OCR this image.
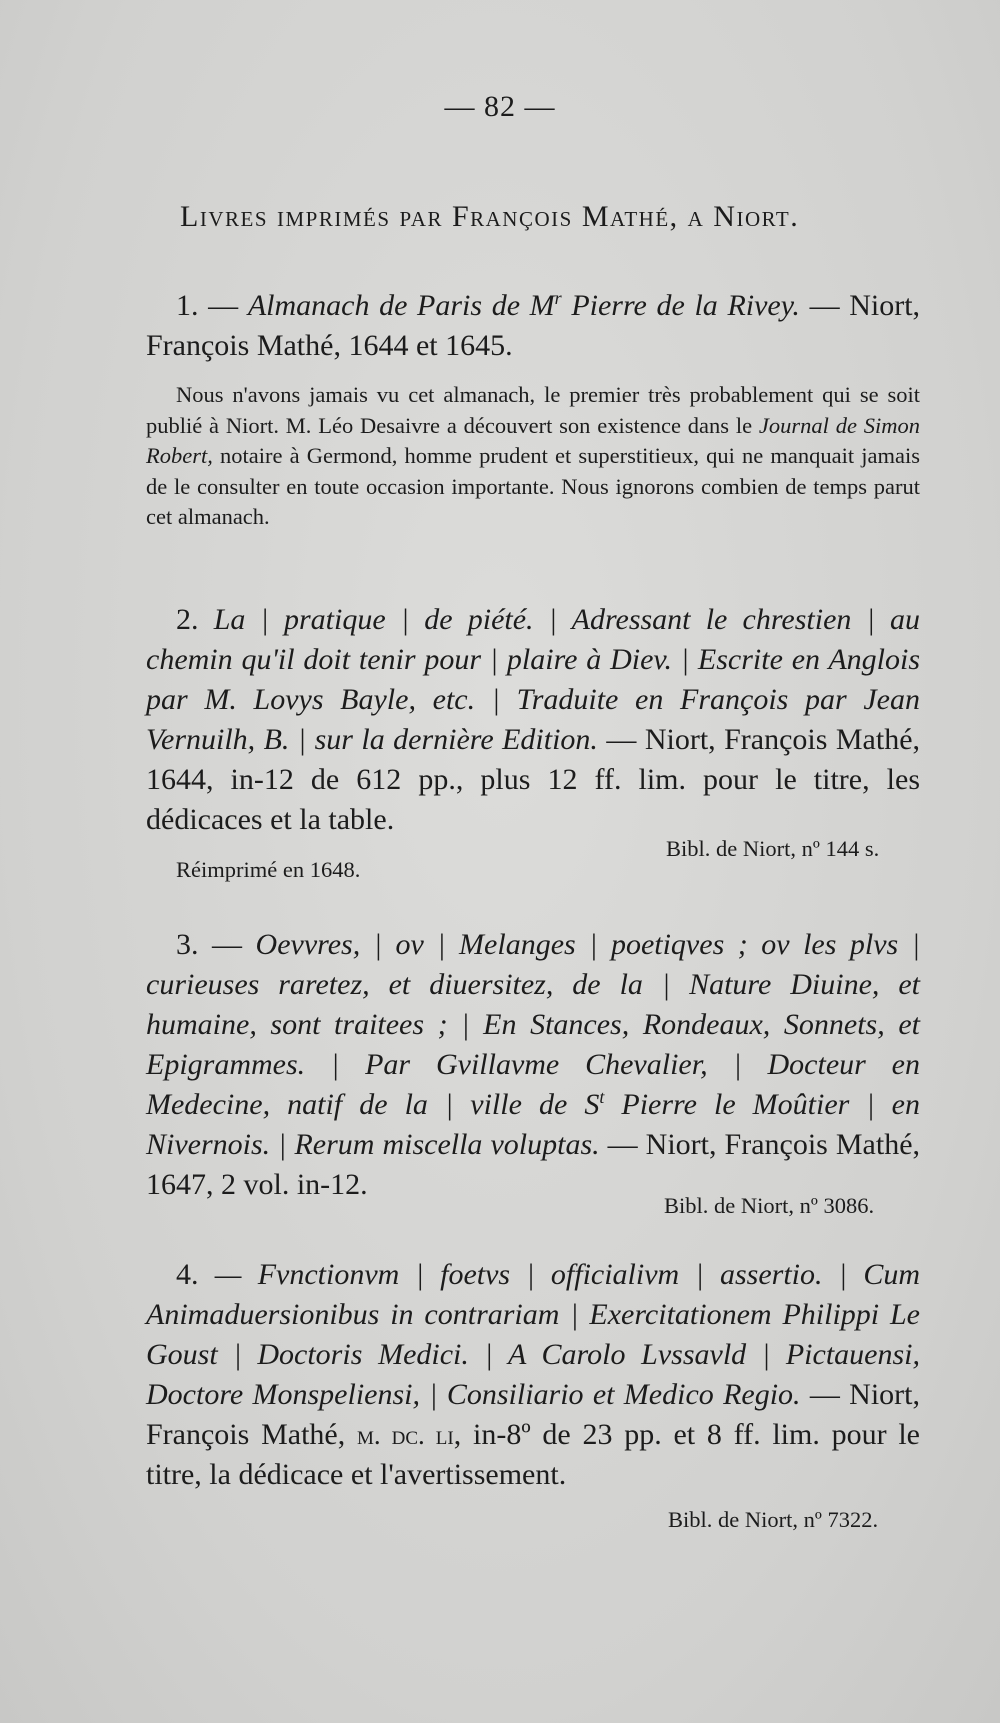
— 82 —
Livres imprimés par François Mathé, a Niort.
1. — Almanach de Paris de $M^r$ Pierre de la Rivey. — Niort, François Mathé, 1644 et 1645.
Nous n'avons jamais vu cet almanach, le premier très probablement qui se soit publié à Niort. M. Léo Desaivre a découvert son existence dans le Journal de Simon Robert, notaire à Germond, homme prudent et superstitieux, qui ne manquait jamais de le consulter en toute occasion importante. Nous ignorons combien de temps parut cet almanach.
2. La | pratique | de piété. | Adressant le chrestien | au chemin qu'il doit tenir pour | plaire à Diev. | Escrite en Anglois par M. Lovys Bayle, etc. | Traduite en François par Jean Vernuilh, B. | sur la dernière Edition. — Niort, François Mathé, 1644, in-12 de 612 pp., plus 12 ff. lim. pour le titre, les dédicaces et la table.
Bibl. de Niort, nº 144 s.
Réimprimé en 1648.
3. — Oevvres, | ov | Melanges | poetiqves ; ov les plvs | curieuses raretez, et diuersitez, de la | Nature Diuine, et humaine, sont traitees ; | En Stances, Rondeaux, Sonnets, et Epigrammes. | Par Gvillavme Chevalier, | Docteur en Medecine, natif de la | ville de $S^t$ Pierre le Moûtier | en Nivernois. | Rerum miscella voluptas. — Niort, François Mathé, 1647, 2 vol. in-12.
Bibl. de Niort, nº 3086.
4. — Fvnctionvm | foetvs | officialivm | assertio. | Cum Animaduersionibus in contrariam | Exercitationem Philippi Le Goust | Doctoris Medici. | A Carolo Lvssavld | Pictauensi, Doctore Monspeliensi, | Consiliario et Medico Regio. — Niort, François Mathé, m. dc. li, in-8º de 23 pp. et 8 ff. lim. pour le titre, la dédicace et l'avertissement.
Bibl. de Niort, nº 7322.
